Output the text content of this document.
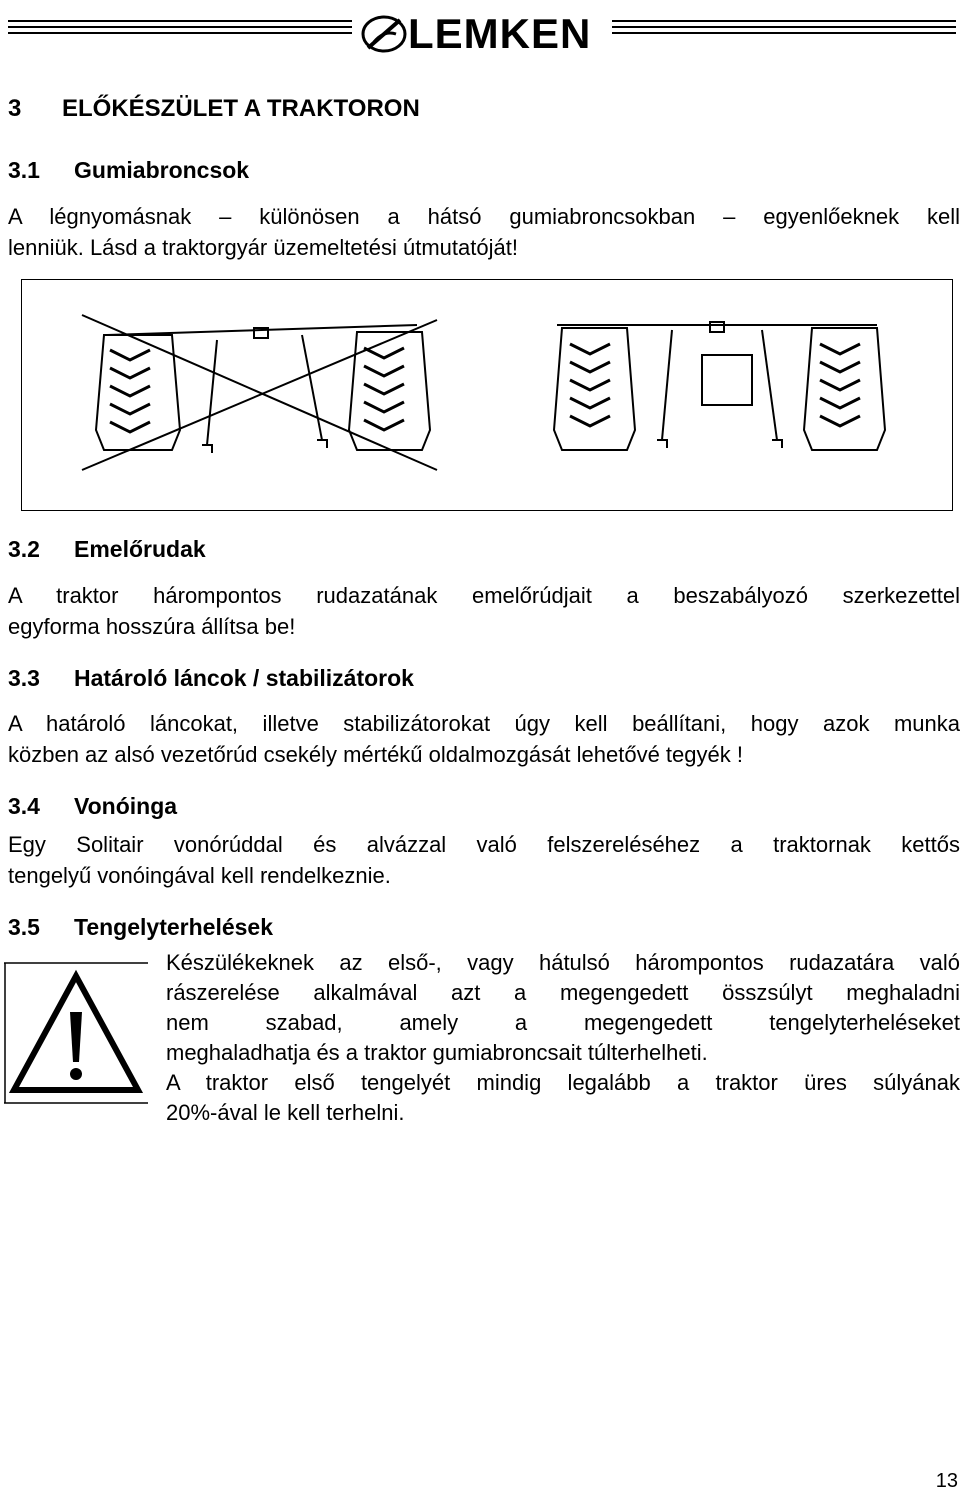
LEMKEN
3 ELŐKÉSZÜLET A TRAKTORON
3.1 Gumiabroncsok
A légnyomásnak – különösen a hátsó gumiabroncsokban – egyenlőeknek kell
lenniük. Lásd a traktorgyár üzemeltetési útmutatóját!
3.2 Emelőrudak
A traktor hárompontos rudazatának emelőrúdjait a beszabályozó szerkezettel
egyforma hosszúra állítsa be!
3.3 Határoló láncok / stabilizátorok
A határoló láncokat, illetve stabilizátorokat úgy kell beállítani, hogy azok munka
közben az alsó vezetőrúd csekély mértékű oldalmozgását lehetővé tegyék !
3.4 Vonóinga
Egy Solitair vonórúddal és alvázzal való felszereléséhez a traktornak kettős
tengelyű vonóingával kell rendelkeznie.
3.5 Tengelyterhelések
Készülékeknek az első-, vagy hátulsó hárompontos rudazatára való
rászerelése alkalmával azt a megengedett összsúlyt meghaladni
nem szabad, amely a megengedett tengelyterheléseket
meghaladhatja és a traktor gumiabroncsait túlterhelheti.
A traktor első tengelyét mindig legalább a traktor üres súlyának
20%-ával le kell terhelni.
13
